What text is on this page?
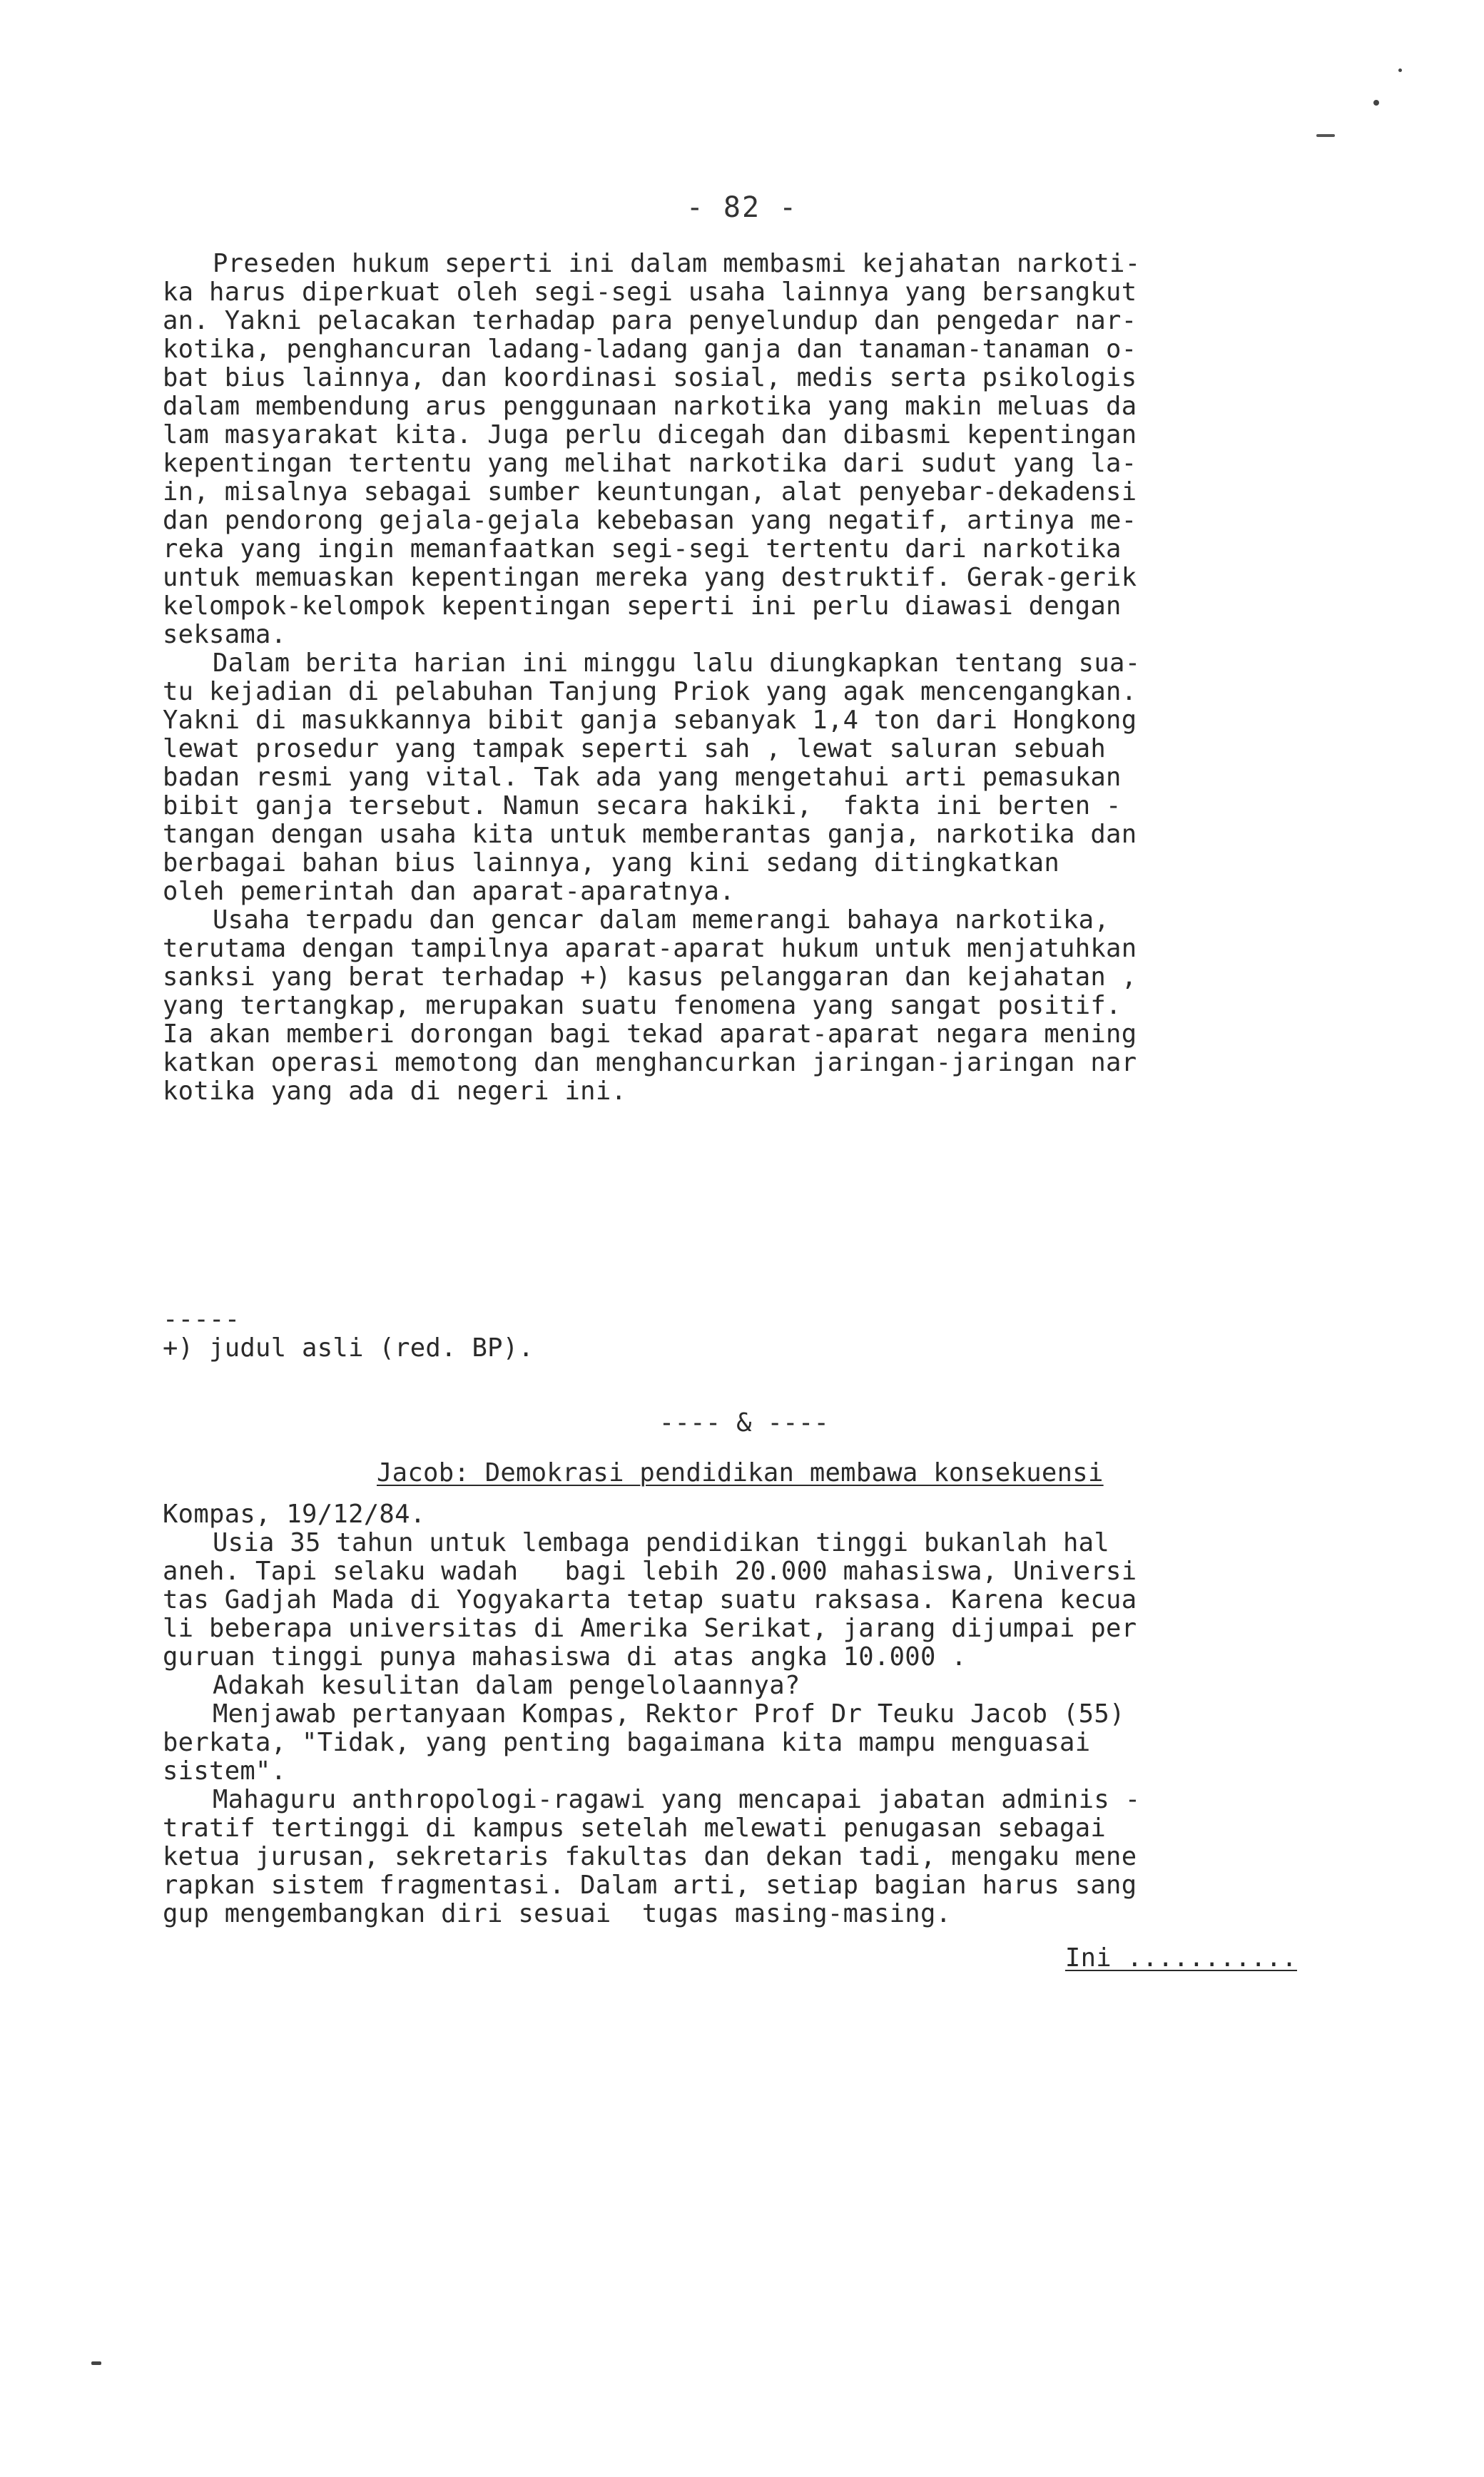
- 82 -
Preseden hukum seperti ini dalam membasmi kejahatan narkoti-
ka harus diperkuat oleh segi-segi usaha lainnya yang bersangkut
an. Yakni pelacakan terhadap para penyelundup dan pengedar nar-
kotika, penghancuran ladang-ladang ganja dan tanaman-tanaman o-
bat bius lainnya, dan koordinasi sosial, medis serta psikologis
dalam membendung arus penggunaan narkotika yang makin meluas da
lam masyarakat kita. Juga perlu dicegah dan dibasmi kepentingan
kepentingan tertentu yang melihat narkotika dari sudut yang la-
in, misalnya sebagai sumber keuntungan, alat penyebar-dekadensi
dan pendorong gejala-gejala kebebasan yang negatif, artinya me-
reka yang ingin memanfaatkan segi-segi tertentu dari narkotika
untuk memuaskan kepentingan mereka yang destruktif. Gerak-gerik
kelompok-kelompok kepentingan seperti ini perlu diawasi dengan
seksama.
Dalam berita harian ini minggu lalu diungkapkan tentang sua-
tu kejadian di pelabuhan Tanjung Priok yang agak mencengangkan.
Yakni di masukkannya bibit ganja sebanyak 1,4 ton dari Hongkong
lewat prosedur yang tampak seperti sah , lewat saluran sebuah
badan resmi yang vital. Tak ada yang mengetahui arti pemasukan
bibit ganja tersebut. Namun secara hakiki,  fakta ini berten -
tangan dengan usaha kita untuk memberantas ganja, narkotika dan
berbagai bahan bius lainnya, yang kini sedang ditingkatkan
oleh pemerintah dan aparat-aparatnya.
Usaha terpadu dan gencar dalam memerangi bahaya narkotika,
terutama dengan tampilnya aparat-aparat hukum untuk menjatuhkan
sanksi yang berat terhadap +) kasus pelanggaran dan kejahatan ,
yang tertangkap, merupakan suatu fenomena yang sangat positif.
Ia akan memberi dorongan bagi tekad aparat-aparat negara mening
katkan operasi memotong dan menghancurkan jaringan-jaringan nar
kotika yang ada di negeri ini.
-----
+) judul asli (red. BP).
---- & ----
Jacob: Demokrasi pendidikan membawa konsekuensi
Kompas, 19/12/84.
Usia 35 tahun untuk lembaga pendidikan tinggi bukanlah hal
aneh. Tapi selaku wadah   bagi lebih 20.000 mahasiswa, Universi
tas Gadjah Mada di Yogyakarta tetap suatu raksasa. Karena kecua
li beberapa universitas di Amerika Serikat, jarang dijumpai per
guruan tinggi punya mahasiswa di atas angka 10.000 .
Adakah kesulitan dalam pengelolaannya?
Menjawab pertanyaan Kompas, Rektor Prof Dr Teuku Jacob (55)
berkata, "Tidak, yang penting bagaimana kita mampu menguasai
sistem".
Mahaguru anthropologi-ragawi yang mencapai jabatan adminis -
tratif tertinggi di kampus setelah melewati penugasan sebagai
ketua jurusan, sekretaris fakultas dan dekan tadi, mengaku mene
rapkan sistem fragmentasi. Dalam arti, setiap bagian harus sang
gup mengembangkan diri sesuai  tugas masing-masing.
Ini ...........
